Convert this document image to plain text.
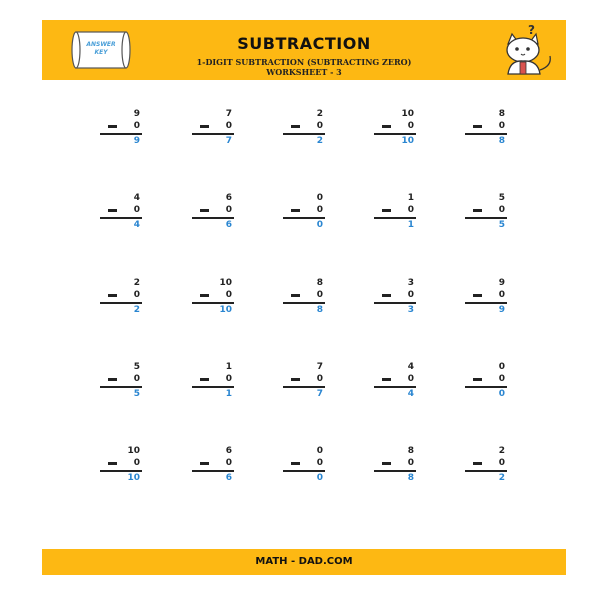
ANSWER
KEY	SUBTRACTION
1-DIGIT SUBTRACTION (SUBTRACTING ZERO)
WORKSHEET - 3
?
9
0
9
7
0
7
2
0
2
10
0
10
8
0
8
4
0
4
6
0
6
0
0
0
1
0
1
5
0
5
2
0
2
10
0
10
8
0
8
3
0
3
9
0
9
5
0
5
1
0
1
7
0
7
4
0
4
0
0
0
10
0
10
6
0
6
0
0
0
8
0
8
2
0
2
MATH - DAD.COM
